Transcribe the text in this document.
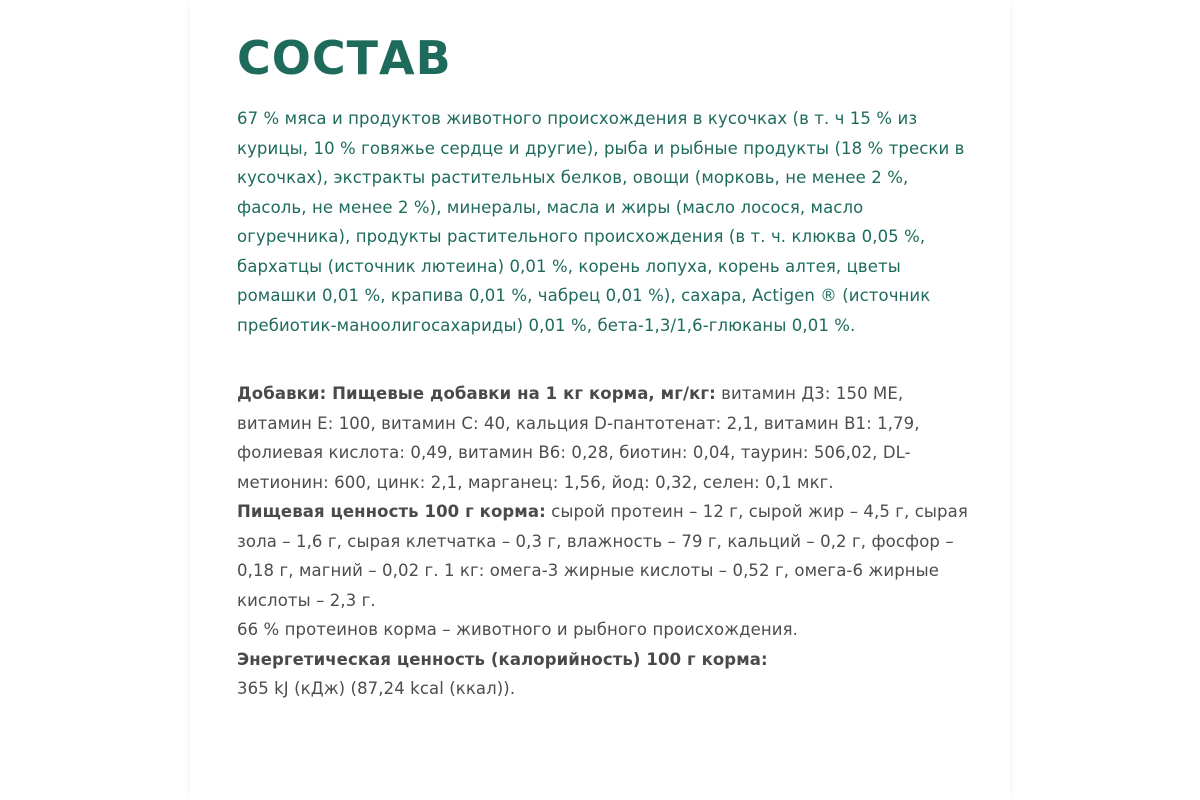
СОСТАВ

67 % мяса и продуктов животного происхождения в кусочках (в т. ч 15 % из курицы, 10 % говяжье сердце и другие), рыба и рыбные продукты (18 % трески в кусочках), экстракты растительных белков, овощи (морковь, не менее 2 %, фасоль, не менее 2 %), минералы, масла и жиры (масло лосося, масло огуречника), продукты растительного происхождения (в т. ч. клюква 0,05 %, бархатцы (источник лютеина) 0,01 %, корень лопуха, корень алтея, цветы ромашки 0,01 %, крапива 0,01 %, чабрец 0,01 %), сахара, Actigen ® (источник пребиотик-маноолигосахариды) 0,01 %, бета-1,3/1,6-глюканы 0,01 %.

Добавки: Пищевые добавки на 1 кг корма, мг/кг: витамин Д3: 150 МЕ, витамин Е: 100, витамин С: 40, кальция D-пантотенат: 2,1, витамин В1: 1,79, фолиевая кислота: 0,49, витамин В6: 0,28, биотин: 0,04, таурин: 506,02, DL-метионин: 600, цинк: 2,1, марганец: 1,56, йод: 0,32, селен: 0,1 мкг.

Пищевая ценность 100 г корма: сырой протеин – 12 г, сырой жир – 4,5 г, сырая зола – 1,6 г, сырая клетчатка – 0,3 г, влажность – 79 г, кальций – 0,2 г, фосфор – 0,18 г, магний – 0,02 г. 1 кг: омега-3 жирные кислоты – 0,52 г, омега-6 жирные кислоты – 2,3 г.

66 % протеинов корма – животного и рыбного происхождения.

Энергетическая ценность (калорийность) 100 г корма:

365 kJ (кДж) (87,24 kcal (ккал)).
